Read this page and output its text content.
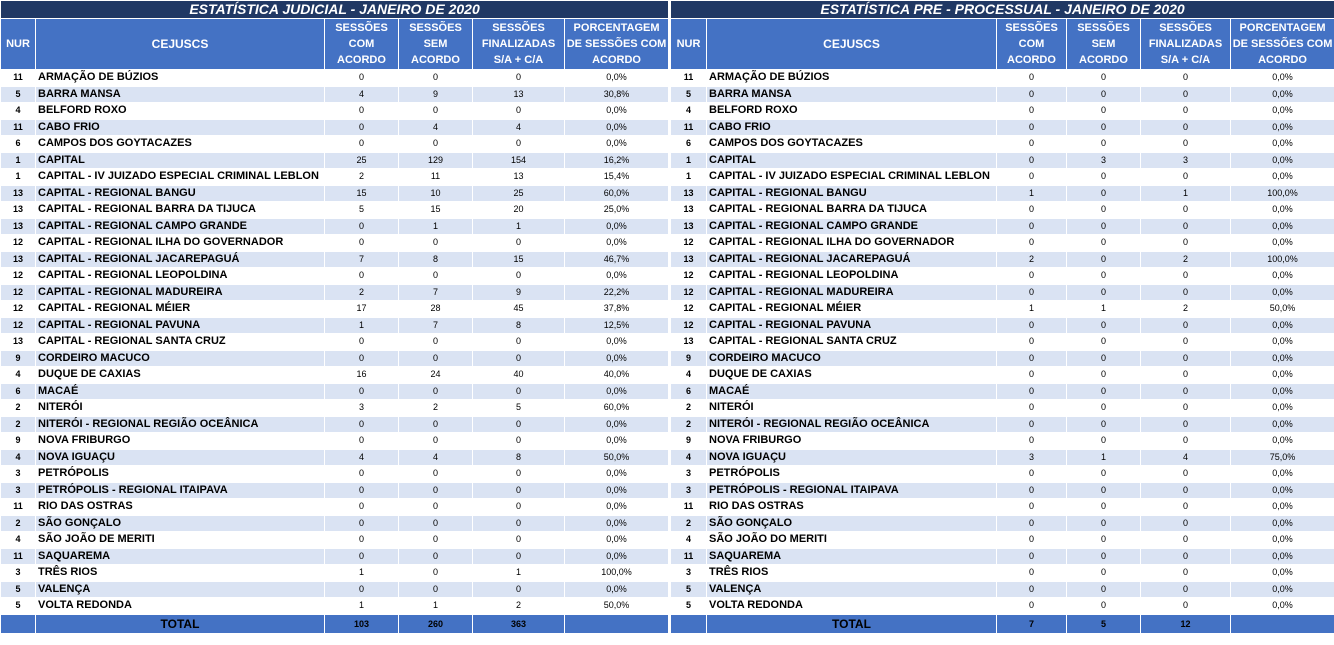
ESTATÍSTICA JUDICIAL - JANEIRO DE 2020					
NUR	CEJUSCS	SESSÕES COM ACORDO	SESSÕES SEM ACORDO	SESSÕES FINALIZADAS S/A + C/A	PORCENTAGEM DE SESSÕES COM ACORDO
11	ARMAÇÃO DE BÚZIOS	0	0	0	0,0%
5	BARRA MANSA	4	9	13	30,8%
4	BELFORD ROXO	0	0	0	0,0%
11	CABO FRIO	0	4	4	0,0%
6	CAMPOS DOS GOYTACAZES	0	0	0	0,0%
1	CAPITAL	25	129	154	16,2%
1	CAPITAL - IV JUIZADO ESPECIAL CRIMINAL LEBLON	2	11	13	15,4%
13	CAPITAL - REGIONAL BANGU	15	10	25	60,0%
13	CAPITAL - REGIONAL BARRA DA TIJUCA	5	15	20	25,0%
13	CAPITAL - REGIONAL CAMPO GRANDE	0	1	1	0,0%
12	CAPITAL - REGIONAL ILHA DO GOVERNADOR	0	0	0	0,0%
13	CAPITAL - REGIONAL JACAREPAGUÁ	7	8	15	46,7%
12	CAPITAL - REGIONAL LEOPOLDINA	0	0	0	0,0%
12	CAPITAL - REGIONAL MADUREIRA	2	7	9	22,2%
12	CAPITAL - REGIONAL MÉIER	17	28	45	37,8%
12	CAPITAL - REGIONAL PAVUNA	1	7	8	12,5%
13	CAPITAL - REGIONAL SANTA CRUZ	0	0	0	0,0%
9	CORDEIRO MACUCO	0	0	0	0,0%
4	DUQUE DE CAXIAS	16	24	40	40,0%
6	MACAÉ	0	0	0	0,0%
2	NITERÓI	3	2	5	60,0%
2	NITERÓI - REGIONAL REGIÃO OCEÂNICA	0	0	0	0,0%
9	NOVA FRIBURGO	0	0	0	0,0%
4	NOVA IGUAÇU	4	4	8	50,0%
3	PETRÓPOLIS	0	0	0	0,0%
3	PETRÓPOLIS - REGIONAL ITAIPAVA	0	0	0	0,0%
11	RIO DAS OSTRAS	0	0	0	0,0%
2	SÃO GONÇALO	0	0	0	0,0%
4	SÃO JOÃO DE MERITI	0	0	0	0,0%
11	SAQUAREMA	0	0	0	0,0%
3	TRÊS RIOS	1	0	1	100,0%
5	VALENÇA	0	0	0	0,0%
5	VOLTA REDONDA	1	1	2	50,0%
	TOTAL	103	260	363	
ESTATÍSTICA PRE - PROCESSUAL - JANEIRO DE 2020					
NUR	CEJUSCS	SESSÕES COM ACORDO	SESSÕES SEM ACORDO	SESSÕES FINALIZADAS S/A + C/A	PORCENTAGEM DE SESSÕES COM ACORDO
11	ARMAÇÃO DE BÚZIOS	0	0	0	0,0%
5	BARRA MANSA	0	0	0	0,0%
4	BELFORD ROXO	0	0	0	0,0%
11	CABO FRIO	0	0	0	0,0%
6	CAMPOS DOS GOYTACAZES	0	0	0	0,0%
1	CAPITAL	0	3	3	0,0%
1	CAPITAL - IV JUIZADO ESPECIAL CRIMINAL LEBLON	0	0	0	0,0%
13	CAPITAL - REGIONAL BANGU	1	0	1	100,0%
13	CAPITAL - REGIONAL BARRA DA TIJUCA	0	0	0	0,0%
13	CAPITAL - REGIONAL CAMPO GRANDE	0	0	0	0,0%
12	CAPITAL - REGIONAL ILHA DO GOVERNADOR	0	0	0	0,0%
13	CAPITAL - REGIONAL JACAREPAGUÁ	2	0	2	100,0%
12	CAPITAL - REGIONAL LEOPOLDINA	0	0	0	0,0%
12	CAPITAL - REGIONAL MADUREIRA	0	0	0	0,0%
12	CAPITAL - REGIONAL MÉIER	1	1	2	50,0%
12	CAPITAL - REGIONAL PAVUNA	0	0	0	0,0%
13	CAPITAL - REGIONAL SANTA CRUZ	0	0	0	0,0%
9	CORDEIRO MACUCO	0	0	0	0,0%
4	DUQUE DE CAXIAS	0	0	0	0,0%
6	MACAÉ	0	0	0	0,0%
2	NITERÓI	0	0	0	0,0%
2	NITERÓI - REGIONAL REGIÃO OCEÂNICA	0	0	0	0,0%
9	NOVA FRIBURGO	0	0	0	0,0%
4	NOVA IGUAÇU	3	1	4	75,0%
3	PETRÓPOLIS	0	0	0	0,0%
3	PETRÓPOLIS - REGIONAL ITAIPAVA	0	0	0	0,0%
11	RIO DAS OSTRAS	0	0	0	0,0%
2	SÃO GONÇALO	0	0	0	0,0%
4	SÃO JOÃO DO MERITI	0	0	0	0,0%
11	SAQUAREMA	0	0	0	0,0%
3	TRÊS RIOS	0	0	0	0,0%
5	VALENÇA	0	0	0	0,0%
5	VOLTA REDONDA	0	0	0	0,0%
	TOTAL	7	5	12	
